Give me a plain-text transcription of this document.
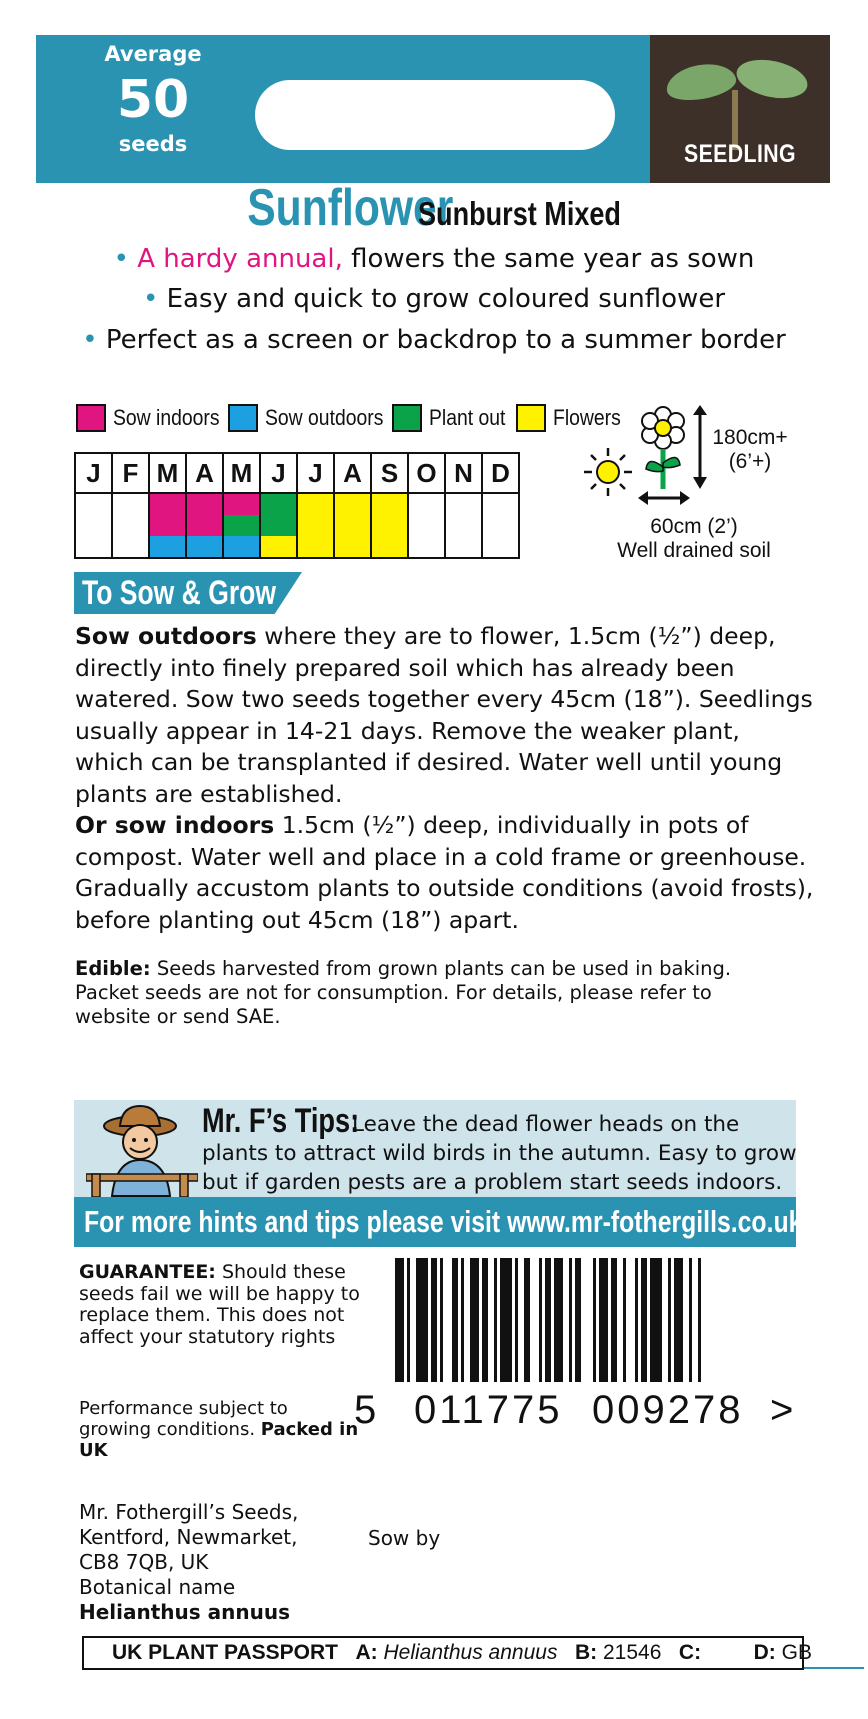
Average
50
seeds	SEEDLING
Sunflower Sunburst Mixed
• A hardy annual, flowers the same year as sown
• Easy and quick to grow coloured sunflower
• Perfect as a screen or backdrop to a summer border
Sow indoors Sow outdoors Plant out Flowers
J	F	M	A	M	J	J	A	S	O	N	D

180cm+
(6’+)
60cm (2’)
Well drained soil
To Sow & Grow
Sow outdoors where they are to flower, 1.5cm (½”) deep, directly into finely prepared soil which has already been watered. Sow two seeds together every 45cm (18”). Seedlings usually appear in 14-21 days. Remove the weaker plant, which can be transplanted if desired. Water well until young plants are established.
Or sow indoors 1.5cm (½”) deep, individually in pots of compost. Water well and place in a cold frame or greenhouse. Gradually accustom plants to outside conditions (avoid frosts), before planting out 45cm (18”) apart.
Edible: Seeds harvested from grown plants can be used in baking. Packet seeds are not for consumption. For details, please refer to website or send SAE.
Mr. F’s Tips:
Leave the dead flower heads on the plants to attract wild birds in the autumn. Easy to grow but if garden pests are a problem start seeds indoors.
For more hints and tips please visit www.mr-fothergills.co.uk
GUARANTEE: Should these seeds fail we will be happy to replace them. This does not affect your statutory rights
Performance subject to growing conditions. Packed in UK
5 011775 009278 >
Mr. Fothergill’s Seeds,
Kentford, Newmarket,
CB8 7QB, UK
Botanical name
Helianthus annuus
Sow by
UK PLANT PASSPORT A: Helianthus annuus B: 21546 C:	D: GB
